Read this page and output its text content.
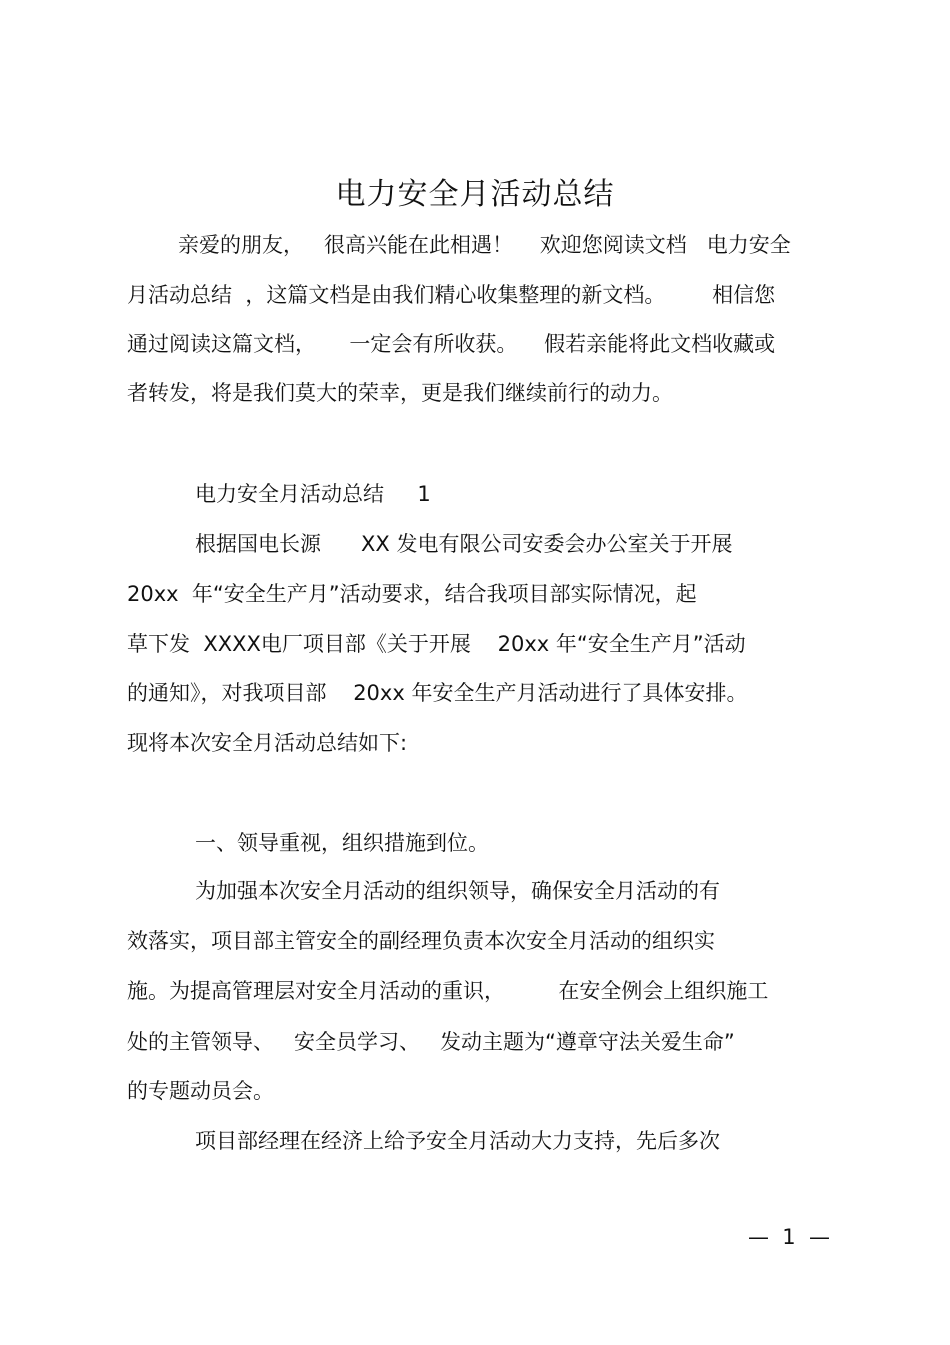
电力安全月活动总结
亲爱的朋友，   很高兴能在此相遇！    欢迎您阅读文档   电力安全
月活动总结  ，这篇文档是由我们精心收集整理的新文档。       相信您
通过阅读这篇文档，     一定会有所收获。    假若亲能将此文档收藏或
者转发，将是我们莫大的荣幸，更是我们继续前行的动力。
电力安全月活动总结     1
根据国电长源      XX 发电有限公司安委会办公室关于开展
20xx  年“安全生产月”活动要求，结合我项目部实际情况，起
草下发  XXXX电厂项目部《关于开展    20xx 年“安全生产月”活动
的通知》，对我项目部    20xx 年安全生产月活动进行了具体安排。
现将本次安全月活动总结如下:
一、领导重视，组织措施到位。
为加强本次安全月活动的组织领导，确保安全月活动的有
效落实，项目部主管安全的副经理负责本次安全月活动的组织实
施。为提高管理层对安全月活动的重识，        在安全例会上组织施工
处的主管领导、   安全员学习、   发动主题为“遵章守法关爱生命”
的专题动员会。
项目部经理在经济上给予安全月活动大力支持，先后多次
—  1  —
